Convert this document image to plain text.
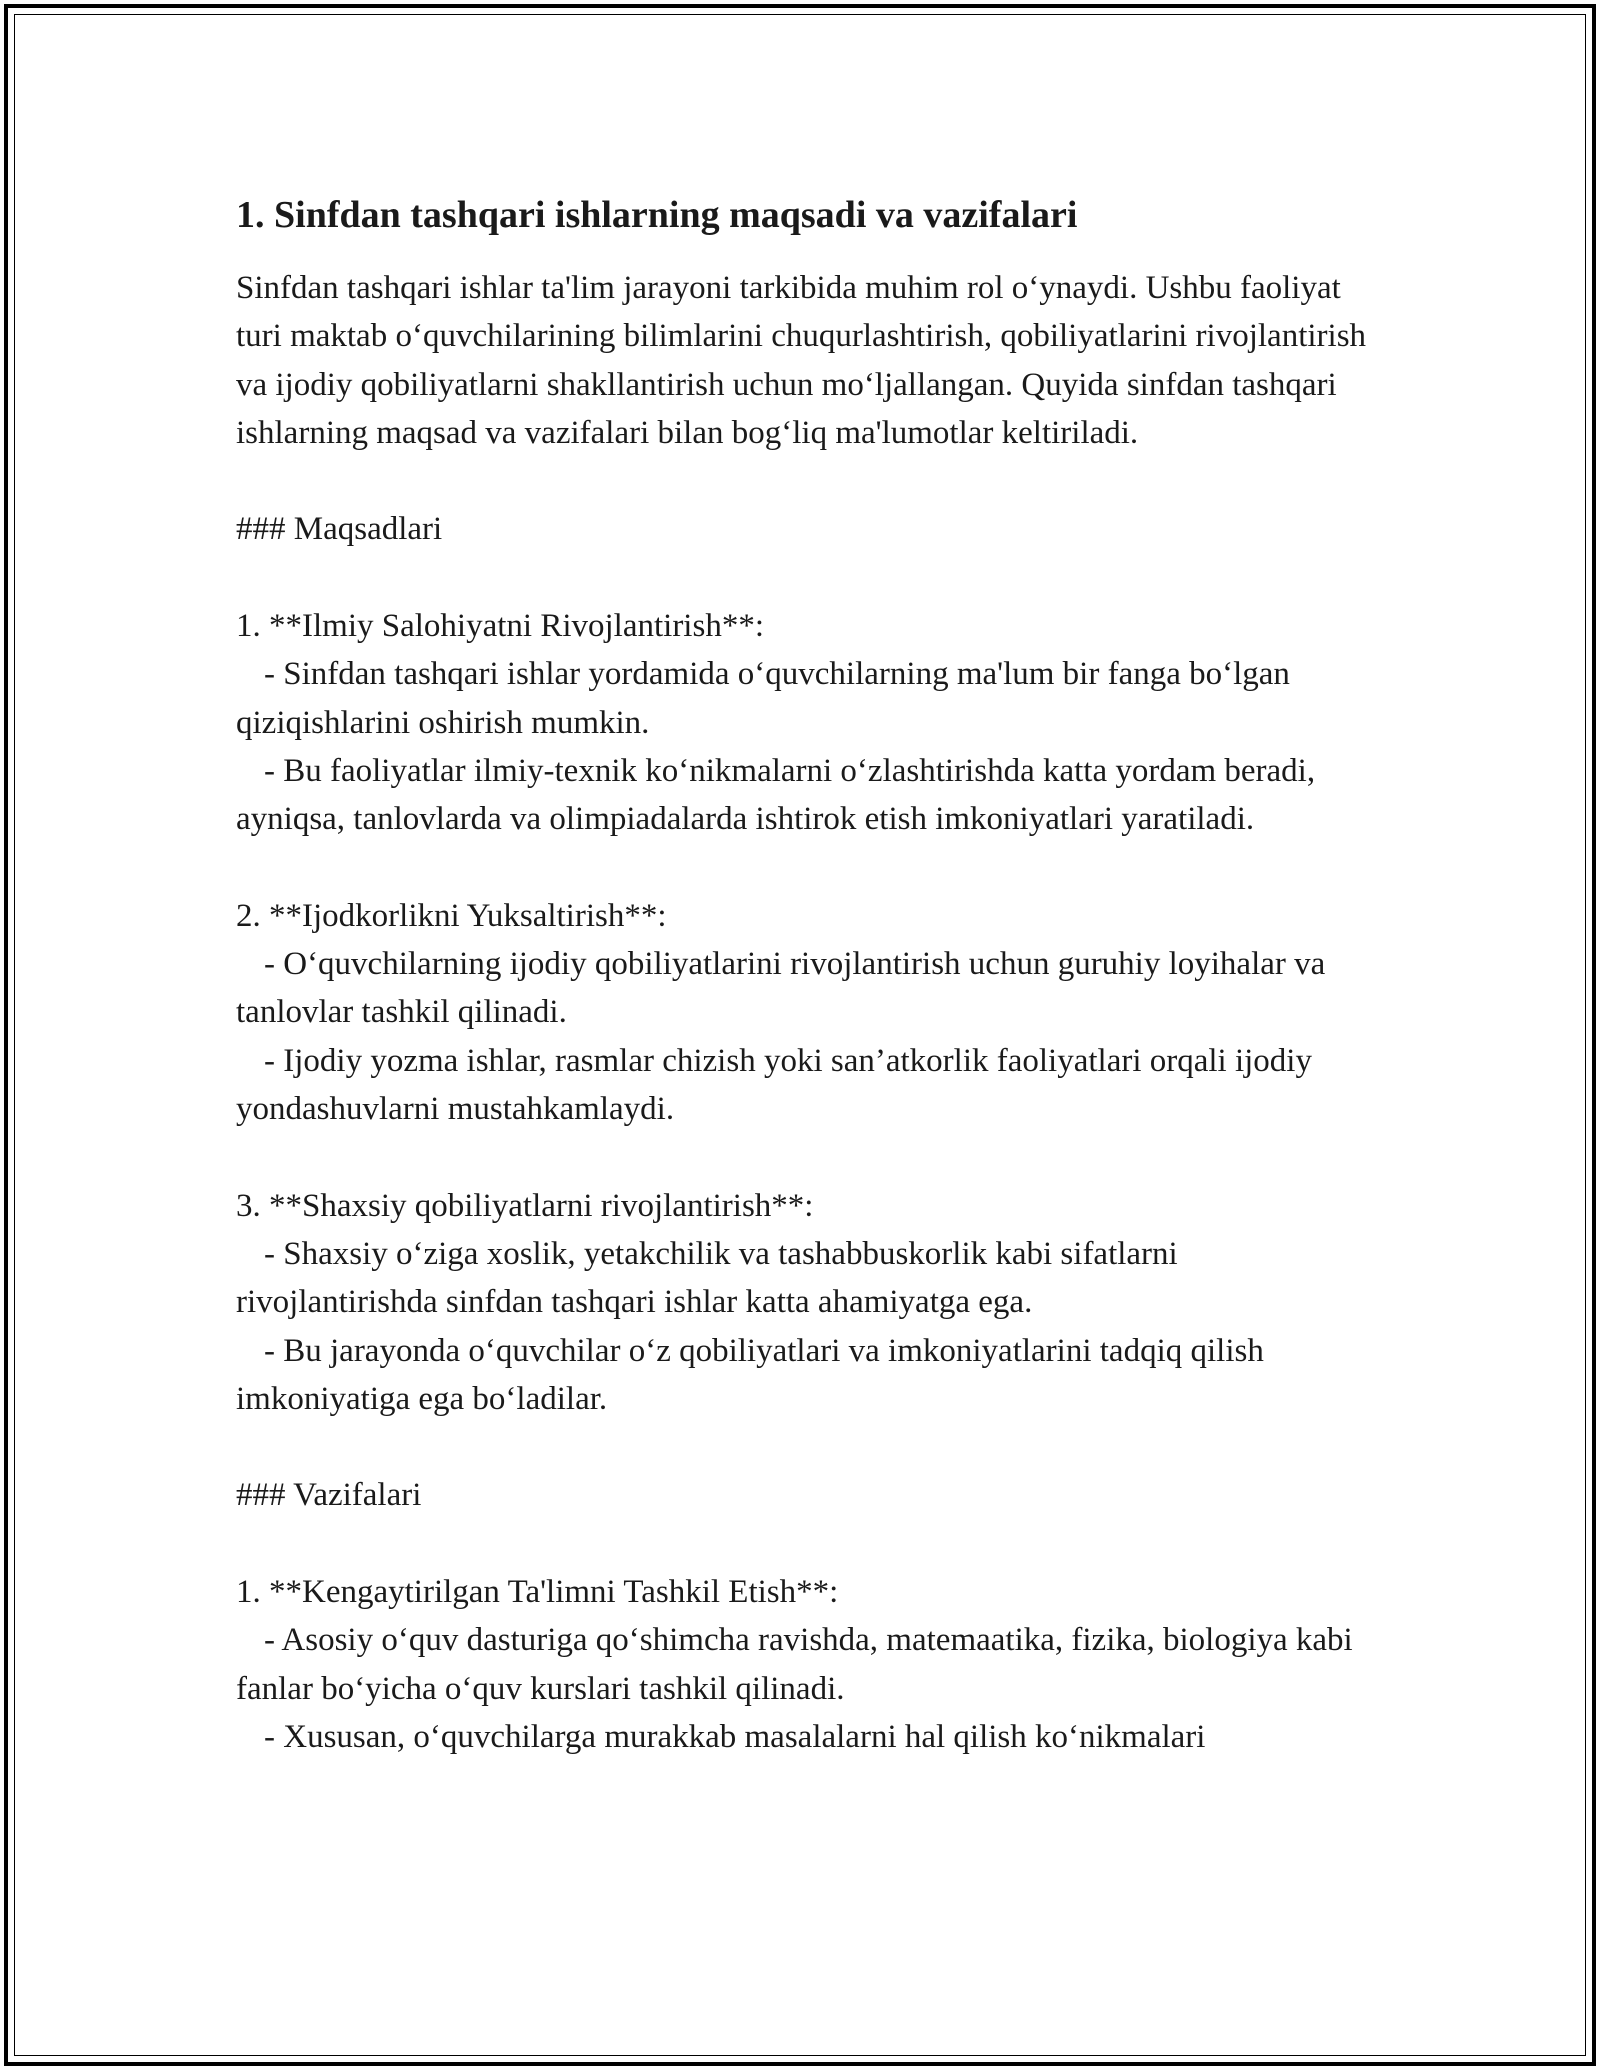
1. Sinfdan tashqari ishlarning maqsadi va vazifalari

Sinfdan tashqari ishlar ta'lim jarayoni tarkibida muhim rol o‘ynaydi. Ushbu faoliyat turi maktab o‘quvchilarining bilimlarini chuqurlashtirish, qobiliyatlarini rivojlantirish va ijodiy qobiliyatlarni shakllantirish uchun mo‘ljallangan. Quyida sinfdan tashqari ishlarning maqsad va vazifalari bilan bog‘liq ma'lumotlar keltiriladi.

### Maqsadlari

1. **Ilmiy Salohiyatni Rivojlantirish**:

- Sinfdan tashqari ishlar yordamida o‘quvchilarning ma'lum bir fanga bo‘lgan qiziqishlarini oshirish mumkin.

- Bu faoliyatlar ilmiy-texnik ko‘nikmalarni o‘zlashtirishda katta yordam beradi, ayniqsa, tanlovlarda va olimpiadalarda ishtirok etish imkoniyatlari yaratiladi.

2. **Ijodkorlikni Yuksaltirish**:

- O‘quvchilarning ijodiy qobiliyatlarini rivojlantirish uchun guruhiy loyihalar va tanlovlar tashkil qilinadi.

- Ijodiy yozma ishlar, rasmlar chizish yoki san’atkorlik faoliyatlari orqali ijodiy yondashuvlarni mustahkamlaydi.

3. **Shaxsiy qobiliyatlarni rivojlantirish**:

- Shaxsiy o‘ziga xoslik, yetakchilik va tashabbuskorlik kabi sifatlarni rivojlantirishda sinfdan tashqari ishlar katta ahamiyatga ega.

- Bu jarayonda o‘quvchilar o‘z qobiliyatlari va imkoniyatlarini tadqiq qilish imkoniyatiga ega bo‘ladilar.

### Vazifalari

1. **Kengaytirilgan Ta'limni Tashkil Etish**:

- Asosiy o‘quv dasturiga qo‘shimcha ravishda, matemaatika, fizika, biologiya kabi fanlar bo‘yicha o‘quv kurslari tashkil qilinadi.

- Xususan, o‘quvchilarga murakkab masalalarni hal qilish ko‘nikmalari
